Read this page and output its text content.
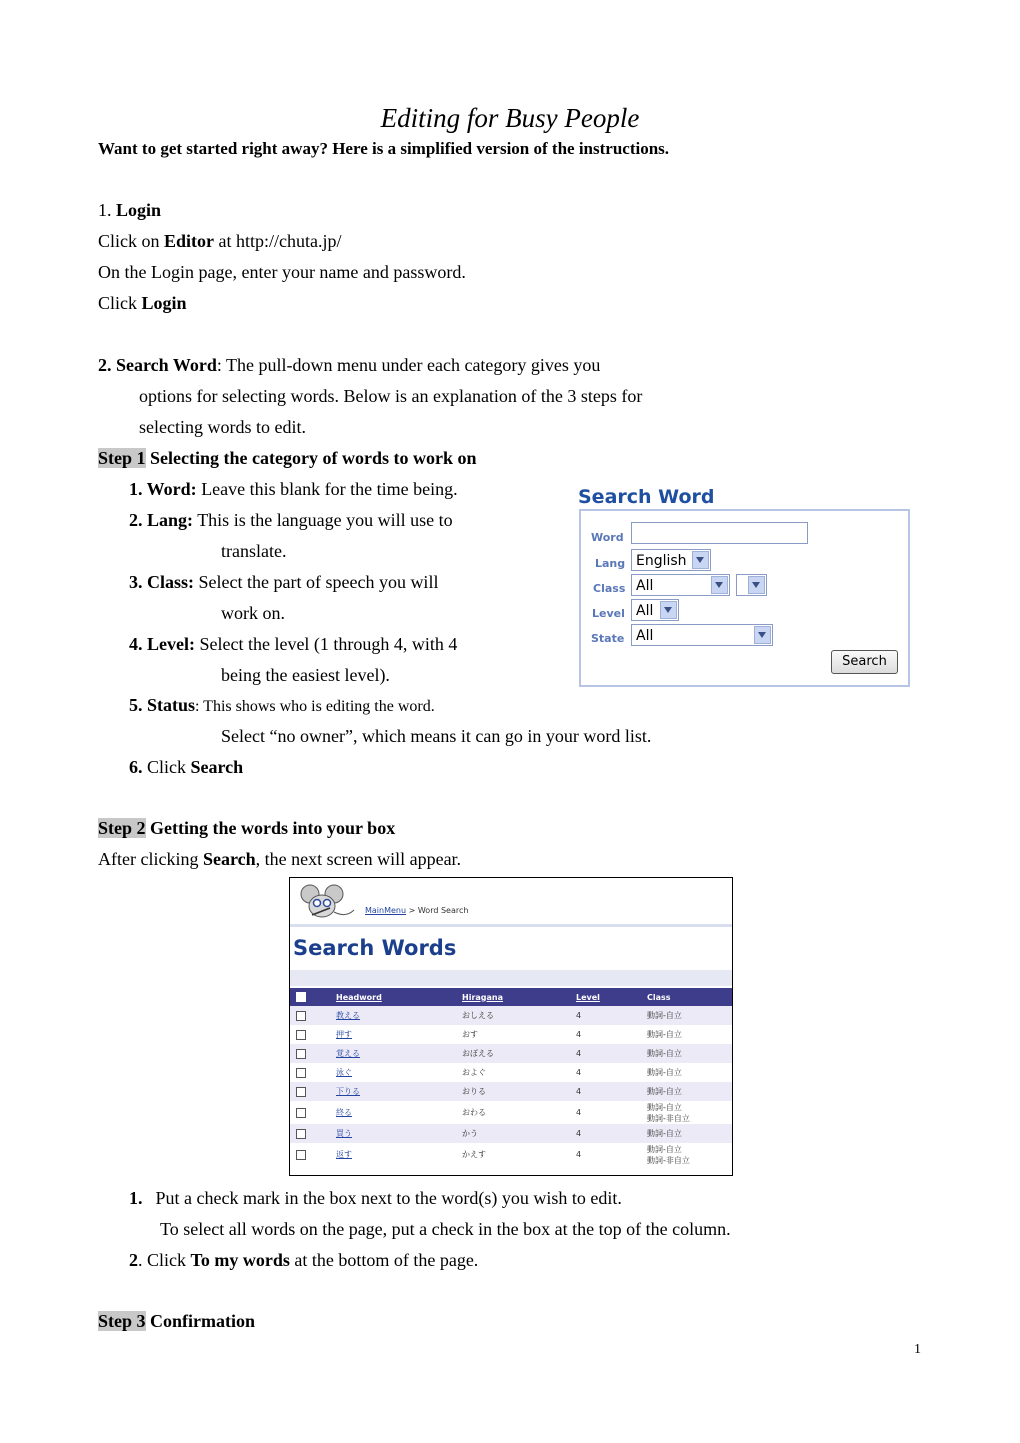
Editing for Busy People
Want to get started right away? Here is a simplified version of the instructions.
1. Login
Click on Editor at http://chuta.jp/
On the Login page, enter your name and password.
Click Login
2. Search Word: The pull-down menu under each category gives you
options for selecting words. Below is an explanation of the 3 steps for
selecting words to edit.
Step 1 Selecting the category of words to work on
1. Word: Leave this blank for the time being.
2. Lang: This is the language you will use to
translate.
3. Class: Select the part of speech you will
work on.
4. Level: Select the level (1 through 4, with 4
being the easiest level).
5. Status: This shows who is editing the word.
Select “no owner”, which means it can go in your word list.
6. Click Search
Search Word
Word
Lang English
Class All
Level All
State All
Search
Step 2 Getting the words into your box
After clicking Search, the next screen will appear.
MainMenu > Word Search
Search Words
	Headword	Hiragana	Level	Class
	教える	おしえる	4	動詞-自立

	押す	おす	4	動詞-自立

	覚える	おぼえる	4	動詞-自立

	泳ぐ	およぐ	4	動詞-自立

	下りる	おりる	4	動詞-自立

	終る	おわる	4	動詞-自立
動詞-非自立

	買う	かう	4	動詞-自立

	返す	かえす	4	動詞-自立
動詞-非自立
1. Put a check mark in the box next to the word(s) you wish to edit.
To select all words on the page, put a check in the box at the top of the column.
2. Click To my words at the bottom of the page.
Step 3 Confirmation
1
